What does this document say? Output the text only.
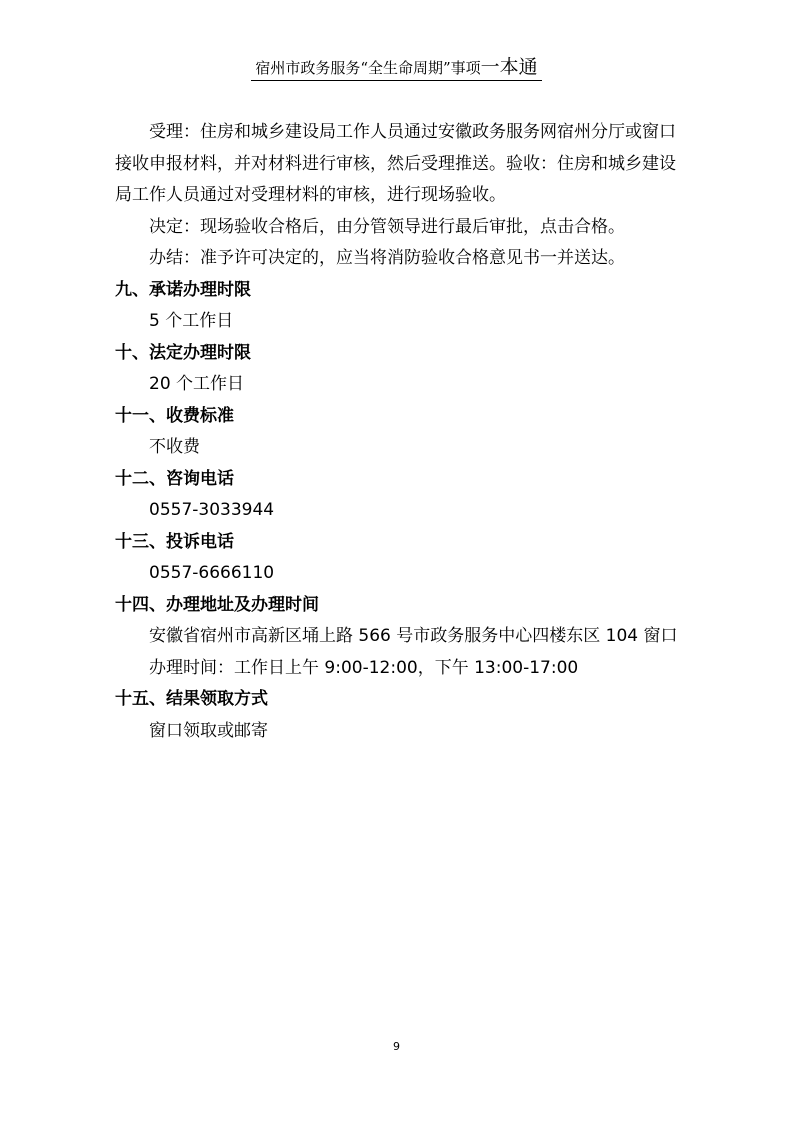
宿州市政务服务“全生命周期”事项一本通

受理：住房和城乡建设局工作人员通过安徽政务服务网宿州分厅或窗口接收申报材料，并对材料进行审核，然后受理推送。验收：住房和城乡建设局工作人员通过对受理材料的审核，进行现场验收。

决定：现场验收合格后，由分管领导进行最后审批，点击合格。

办结：准予许可决定的，应当将消防验收合格意见书一并送达。

九、承诺办理时限

5 个工作日

十、法定办理时限

20 个工作日

十一、收费标准

不收费

十二、咨询电话

0557-3033944

十三、投诉电话

0557-6666110

十四、办理地址及办理时间

安徽省宿州市高新区埇上路 566 号市政务服务中心四楼东区 104 窗口

办理时间：工作日上午 9:00-12:00，下午 13:00-17:00

十五、结果领取方式

窗口领取或邮寄

9
